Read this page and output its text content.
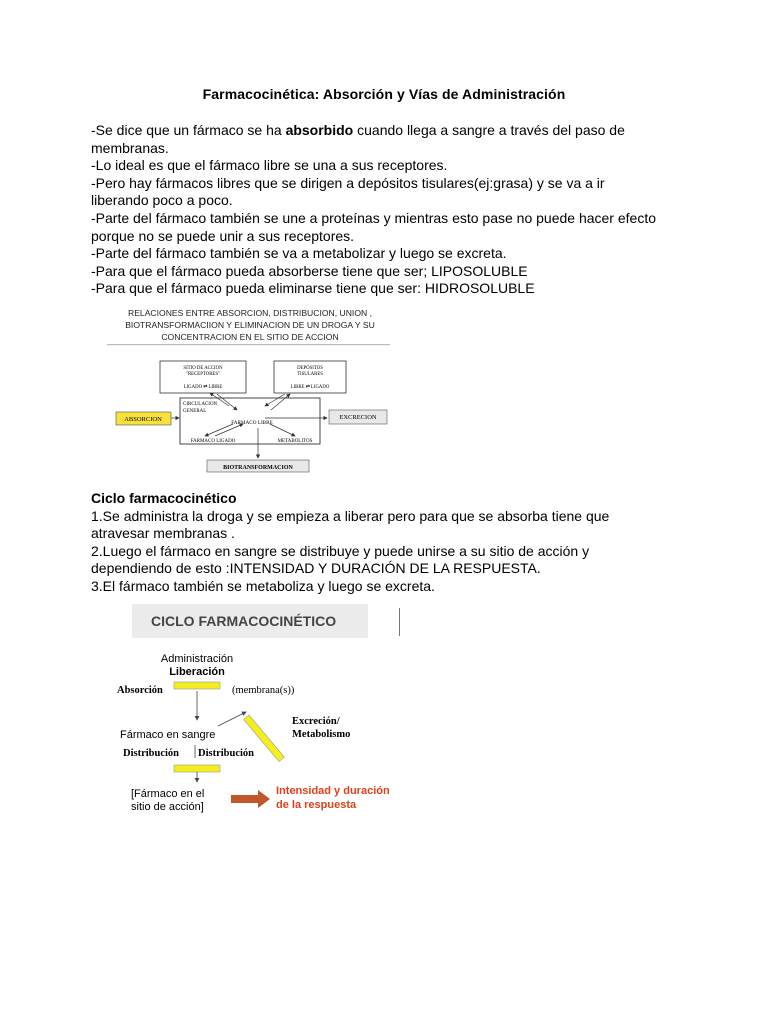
Farmacocinética: Absorción y Vías de Administración

-Se dice que un fármaco se ha absorbido cuando llega a sangre a través del paso de

membranas.

-Lo ideal es que el fármaco libre se una a sus receptores.

-Pero hay fármacos libres que se dirigen a depósitos tisulares(ej:grasa) y se va a ir

liberando poco a poco.

-Parte del fármaco también se une a proteínas y mientras esto pase no puede hacer efecto

porque no se puede unir a sus receptores.

-Parte del fármaco también se va a metabolizar y luego se excreta.

-Para que el fármaco pueda absorberse tiene que ser; LIPOSOLUBLE

-Para que el fármaco pueda eliminarse tiene que ser: HIDROSOLUBLE

RELACIONES ENTRE ABSORCION, DISTRIBUCION, UNION ,
BIOTRANSFORMACIION Y ELIMINACION DE UN DROGA Y SU
CONCENTRACION EN EL SITIO DE ACCION
SITIO DE ACCION
"RECEPTORES"
LIGADO ⇄ LIBRE
DEPÓSITOS
TISULARES
LIBRE ⇄ LIGADO
CIRCULACION
GENERAL
FARMACO LIBRE
FARMACO LIGADO	METABOLITOS
ABSORCION	EXCRECION
BIOTRANSFORMACION

Ciclo farmacocinético

1.Se administra la droga y se empieza a liberar pero para que se absorba tiene que

atravesar membranas .

2.Luego el fármaco en sangre se distribuye y puede unirse a su sitio de acción y

dependiendo de esto :INTENSIDAD Y DURACIÓN DE LA RESPUESTA.

3.El fármaco también se metaboliza y luego se excreta.

CICLO FARMACOCINÉTICO
Administración
Liberación
Absorción	(membrana(s))
Excreción/
Metabolismo
Fármaco en sangre
Distribución Distribución
[Fármaco en el
sitio de acción]
Intensidad y duración
de la respuesta
